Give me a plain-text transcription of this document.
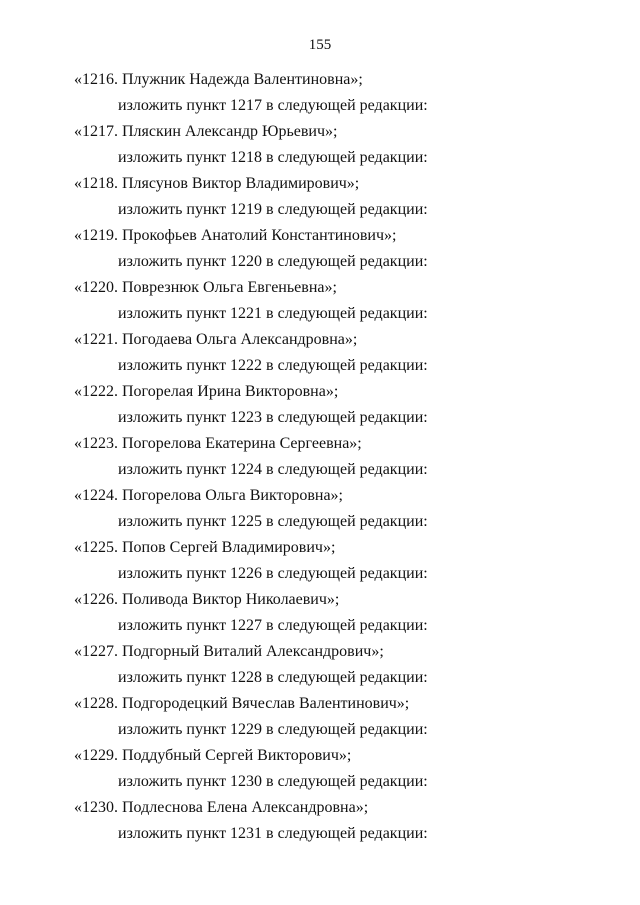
155
«1216. Плужник Надежда Валентиновна»;
изложить пункт 1217 в следующей редакции:
«1217. Пляскин Александр Юрьевич»;
изложить пункт 1218 в следующей редакции:
«1218. Плясунов Виктор Владимирович»;
изложить пункт 1219 в следующей редакции:
«1219. Прокофьев Анатолий Константинович»;
изложить пункт 1220 в следующей редакции:
«1220. Поврезнюк Ольга Евгеньевна»;
изложить пункт 1221 в следующей редакции:
«1221. Погодаева Ольга Александровна»;
изложить пункт 1222 в следующей редакции:
«1222. Погорелая Ирина Викторовна»;
изложить пункт 1223 в следующей редакции:
«1223. Погорелова Екатерина Сергеевна»;
изложить пункт 1224 в следующей редакции:
«1224. Погорелова Ольга Викторовна»;
изложить пункт 1225 в следующей редакции:
«1225. Попов Сергей Владимирович»;
изложить пункт 1226 в следующей редакции:
«1226. Поливода Виктор Николаевич»;
изложить пункт 1227 в следующей редакции:
«1227. Подгорный Виталий Александрович»;
изложить пункт 1228 в следующей редакции:
«1228. Подгородецкий Вячеслав Валентинович»;
изложить пункт 1229 в следующей редакции:
«1229. Поддубный Сергей Викторович»;
изложить пункт 1230 в следующей редакции:
«1230. Подлеснова Елена Александровна»;
изложить пункт 1231 в следующей редакции:
